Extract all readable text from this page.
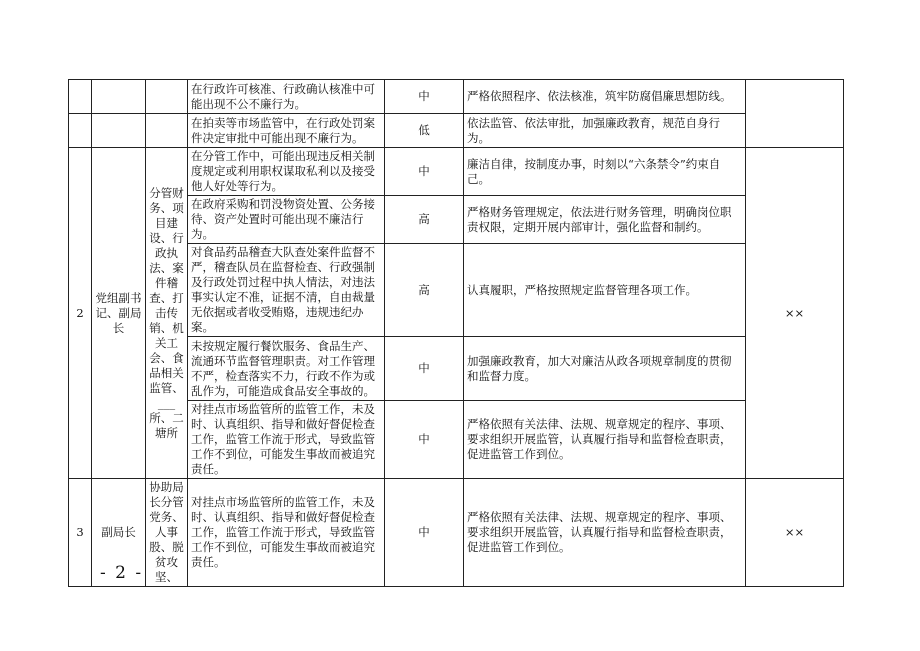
			在行政许可核准、行政确认核准中可能出现不公不廉行为。	中	严格依照程序、依法核准，筑牢防腐倡廉思想防线。	
			在拍卖等市场监管中，在行政处罚案件决定审批中可能出现不廉行为。	低	依法监管、依法审批，加强廉政教育，规范自身行为。	
2	党组副书记、副局长	分管财务、项目建设、行政执法、案件稽查、打击传销、机关工会、食品相关监管、___所、二塘所	在分管工作中，可能出现违反相关制度规定或利用职权谋取私利以及接受他人好处等行为。	中	廉洁自律，按制度办事，时刻以“六条禁令”约束自己。	××
			在政府采购和罚没物资处置、公务接待、资产处置时可能出现不廉洁行为。	高	严格财务管理规定，依法进行财务管理，明确岗位职责权限，定期开展内部审计，强化监督和制约。	
			对食品药品稽查大队查处案件监督不严，稽查队员在监督检查、行政强制及行政处罚过程中执人情法，对违法事实认定不准，证据不清，自由裁量无依据或者收受贿赂，违规违纪办案。	高	认真履职，严格按照规定监督管理各项工作。	
			未按规定履行餐饮服务、食品生产、流通环节监督管理职责。对工作管理不严，检查落实不力，行政不作为或乱作为，可能造成食品安全事故的。	中	加强廉政教育，加大对廉洁从政各项规章制度的贯彻和监督力度。	
			对挂点市场监管所的监管工作，未及时、认真组织、指导和做好督促检查工作，监管工作流于形式，导致监管工作不到位，可能发生事故而被追究责任。	中	严格依照有关法律、法规、规章规定的程序、事项、要求组织开展监管，认真履行指导和监督检查职责，促进监管工作到位。	
3	副局长	协助局长分管党务、人事股、脱贫攻坚、	对挂点市场监管所的监管工作，未及时、认真组织、指导和做好督促检查工作，监管工作流于形式，导致监管工作不到位，可能发生事故而被追究责任。	中	严格依照有关法律、法规、规章规定的程序、事项、要求组织开展监管，认真履行指导和监督检查职责，促进监管工作到位。	××
- 2 -
